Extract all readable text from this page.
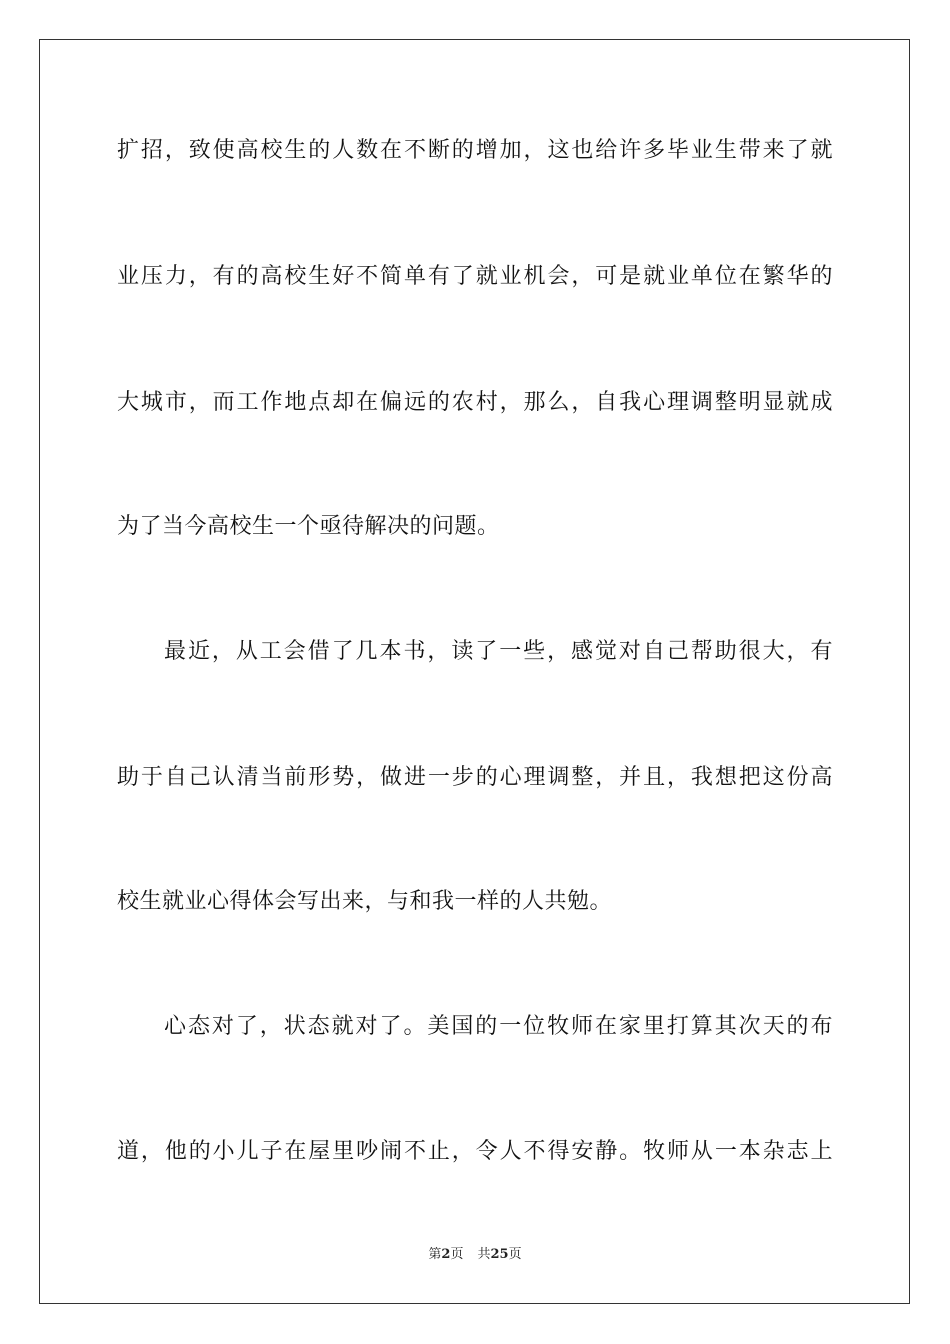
扩招，致使高校生的人数在不断的增加，这也给许多毕业生带来了就
业压力，有的高校生好不简单有了就业机会，可是就业单位在繁华的
大城市，而工作地点却在偏远的农村，那么，自我心理调整明显就成
为了当今高校生一个亟待解决的问题。
最近，从工会借了几本书，读了一些，感觉对自己帮助很大，有
助于自己认清当前形势，做进一步的心理调整，并且，我想把这份高
校生就业心得体会写出来，与和我一样的人共勉。
心态对了，状态就对了。美国的一位牧师在家里打算其次天的布
道，他的小儿子在屋里吵闹不止，令人不得安静。牧师从一本杂志上
第2页 共25页
